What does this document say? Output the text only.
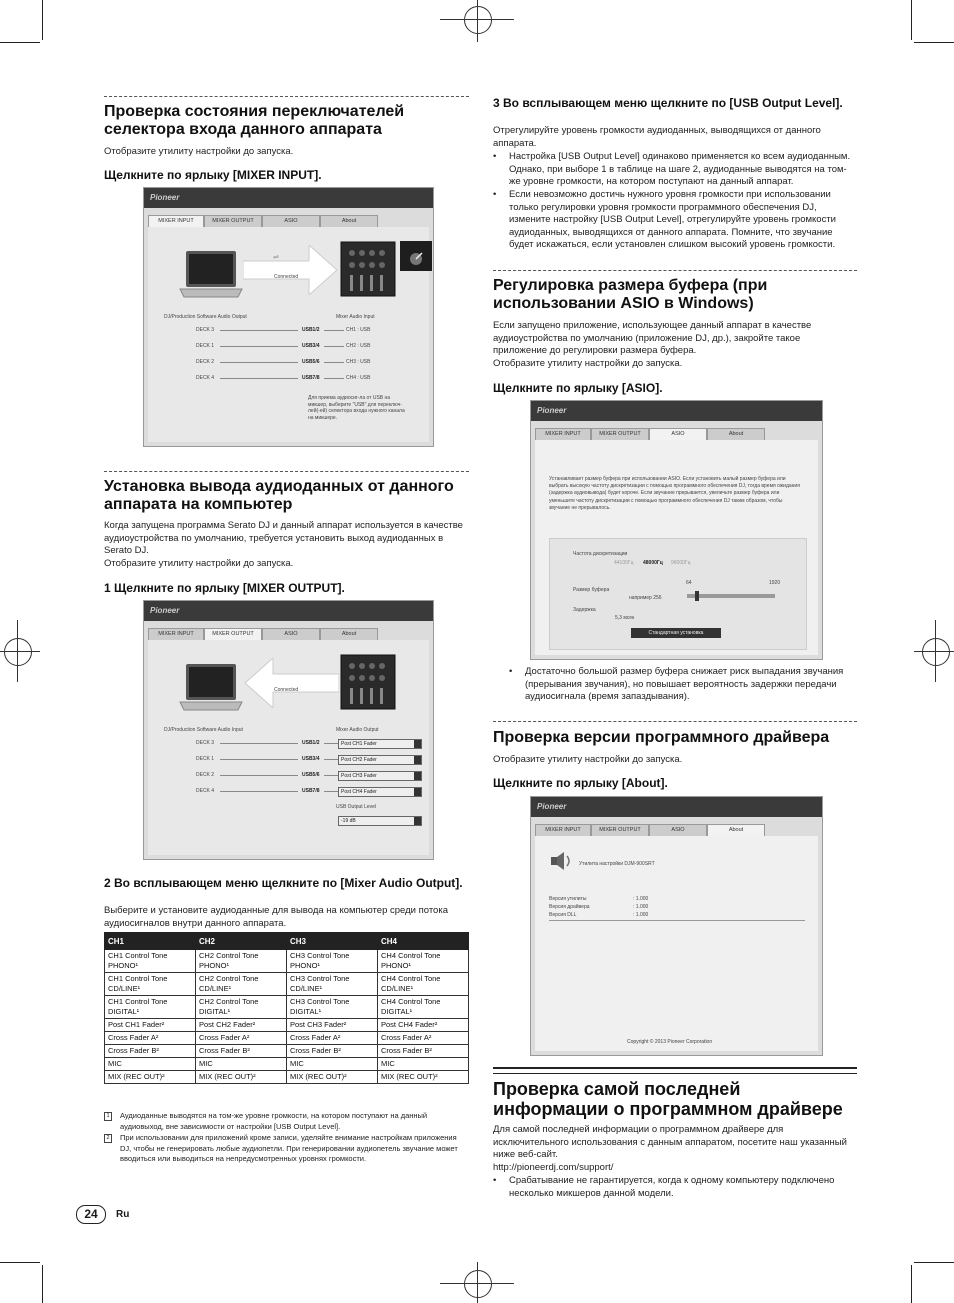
Проверка состояния переключателей селектора входа данного аппарата

Отобразите утилиту настройки до запуска.

Щелкните по ярлыку [MIXER INPUT].

Pioneer
MIXER INPUT	MIXER OUTPUT	ASIO	About
⇌
Connected
DJ/Production Software Audio Output	Mixer Audio Input
DECK 3	USB1/2	CH1 : USB
DECK 1	USB3/4	CH2 : USB
DECK 2	USB5/6	CH3 : USB
DECK 4	USB7/8	CH4 : USB
Для приема аудиосиг-ла от USB на микшер, выберите "USB" для переключ-лей(-ей) селектора входа нужного канала на микшере.
Установка вывода аудиоданных от данного аппарата на компьютер

Когда запущена программа Serato DJ и данный аппарат используется в качестве аудиоустройства по умолчанию, требуется установить выход аудиоданных в Serato DJ.

Отобразите утилиту настройки до запуска.

1 Щелкните по ярлыку [MIXER OUTPUT].

Pioneer
MIXER INPUT	MIXER OUTPUT	ASIO	About
Connected
DJ/Production Software Audio Input	Mixer Audio Output
DECK 3	USB1/2	Post CH1 Fader
DECK 1	USB3/4	Post CH2 Fader
DECK 2	USB5/6	Post CH3 Fader
DECK 4	USB7/8	Post CH4 Fader
USB Output Level
-19 dB

2 Во всплывающем меню щелкните по [Mixer Audio Output].

Выберите и установите аудиоданные для вывода на компьютер среди потока аудиосигналов внутри данного аппарата.

CH1	CH2	CH3	CH4
CH1 Control Tone PHONO¹	CH2 Control Tone PHONO¹	CH3 Control Tone PHONO¹	CH4 Control Tone PHONO¹
CH1 Control Tone CD/LINE¹	CH2 Control Tone CD/LINE¹	CH3 Control Tone CD/LINE¹	CH4 Control Tone CD/LINE¹
CH1 Control Tone DIGITAL¹	CH2 Control Tone DIGITAL¹	CH3 Control Tone DIGITAL¹	CH4 Control Tone DIGITAL¹
Post CH1 Fader²	Post CH2 Fader²	Post CH3 Fader²	Post CH4 Fader²
Cross Fader A²	Cross Fader A²	Cross Fader A²	Cross Fader A²
Cross Fader B²	Cross Fader B²	Cross Fader B²	Cross Fader B²
MIC	MIC	MIC	MIC
MIX (REC OUT)²	MIX (REC OUT)²	MIX (REC OUT)²	MIX (REC OUT)²
1	Аудиоданные выводятся на том-же уровне громкости, на котором поступают на данный аудиовыход, вне зависимости от настройки [USB Output Level].
2	При использовании для приложений кроме записи, уделяйте внимание настройкам приложения DJ, чтобы не генерировать любые аудиопетли. При генерировании аудиопетель звучание может вводиться или выводиться на непредусмотренных уровнях громкости.
24	Ru

3 Во всплывающем меню щелкните по [USB Output Level].

Отрегулируйте уровень громкости аудиоданных, выводящихся от данного аппарата.

• Настройка [USB Output Level] одинаково применяется ко всем аудиоданным. Однако, при выборе 1 в таблице на шаге 2, аудиоданные выводятся на том-же уровне громкости, на котором поступают на данный аппарат.
• Если невозможно достичь нужного уровня громкости при использовании только регулировки уровня громкости программного обеспечения DJ, измените настройку [USB Output Level], отрегулируйте уровень громкости аудиоданных, выводящихся от данного аппарата. Помните, что звучание будет искажаться, если установлен слишком высокий уровень громкости.
Регулировка размера буфера (при использовании ASIO в Windows)

Если запущено приложение, использующее данный аппарат в качестве аудиоустройства по умолчанию (приложение DJ, др.), закройте такое приложение до регулировки размера буфера.

Отобразите утилиту настройки до запуска.

Щелкните по ярлыку [ASIO].

Pioneer
MIXER INPUT	MIXER OUTPUT	ASIO	About
Устанавливает размер буфера при использовании ASIO. Если установить малый размер буфера или выбрать высокую частоту дискретизации с помощью программного обеспечения DJ, тогда время ожидания (задержка аудиовывода) будет короче. Если звучание прерывается, увеличьте размер буфера или уменьшите частоту дискретизации с помощью программного обеспечения DJ таким образом, чтобы звучание не прерывалось.
Частота дискретизации
44100Гц 48000Гц 96000Гц
64	1920
Размер буфера
например 256
Задержка
5,3 мсек
Стандартная установка
• Достаточно большой размер буфера снижает риск выпадания звучания (прерывания звучания), но повышает вероятность задержки передачи аудиосигнала (время запаздывания).
Проверка версии программного драйвера

Отобразите утилиту настройки до запуска.

Щелкните по ярлыку [About].

Pioneer
MIXER INPUT	MIXER OUTPUT	ASIO	About
Утилита настройки DJM-900SRT
Версия утилиты	: 1.000
Версия драйвера	: 1.000
Версия DLL	: 1.000
Copyright © 2013 Pioneer Corporation
Проверка самой последней информации о программном драйвере

Для самой последней информации о программном драйвере для исключительного использования с данным аппаратом, посетите наш указанный ниже веб-сайт.

http://pioneerdj.com/support/
• Срабатывание не гарантируется, когда к одному компьютеру подключено несколько микшеров данной модели.
